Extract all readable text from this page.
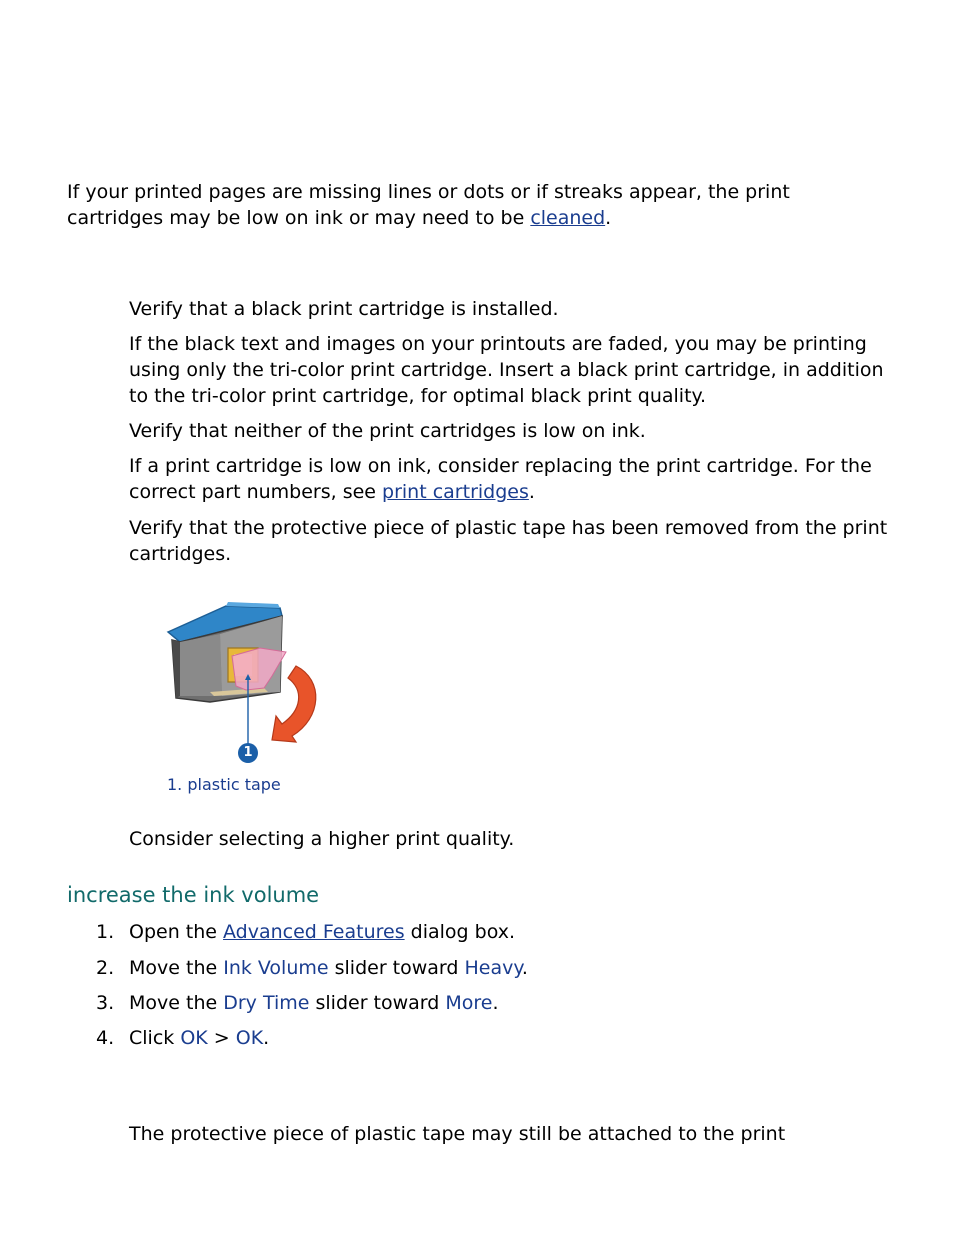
If your printed pages are missing lines or dots or if streaks appear, the print cartridges may be low on ink or may need to be cleaned.

Verify that a black print cartridge is installed.

If the black text and images on your printouts are faded, you may be printing using only the tri-color print cartridge. Insert a black print cartridge, in addition to the tri-color print cartridge, for optimal black print quality.

Verify that neither of the print cartridges is low on ink.

If a print cartridge is low on ink, consider replacing the print cartridge. For the correct part numbers, see print cartridges.

Verify that the protective piece of plastic tape has been removed from the print cartridges.

1

1. plastic tape

Consider selecting a higher print quality.

increase the ink volume
1. Open the Advanced Features dialog box.
2. Move the Ink Volume slider toward Heavy.
3. Move the Dry Time slider toward More.
4. Click OK > OK.

The protective piece of plastic tape may still be attached to the print
